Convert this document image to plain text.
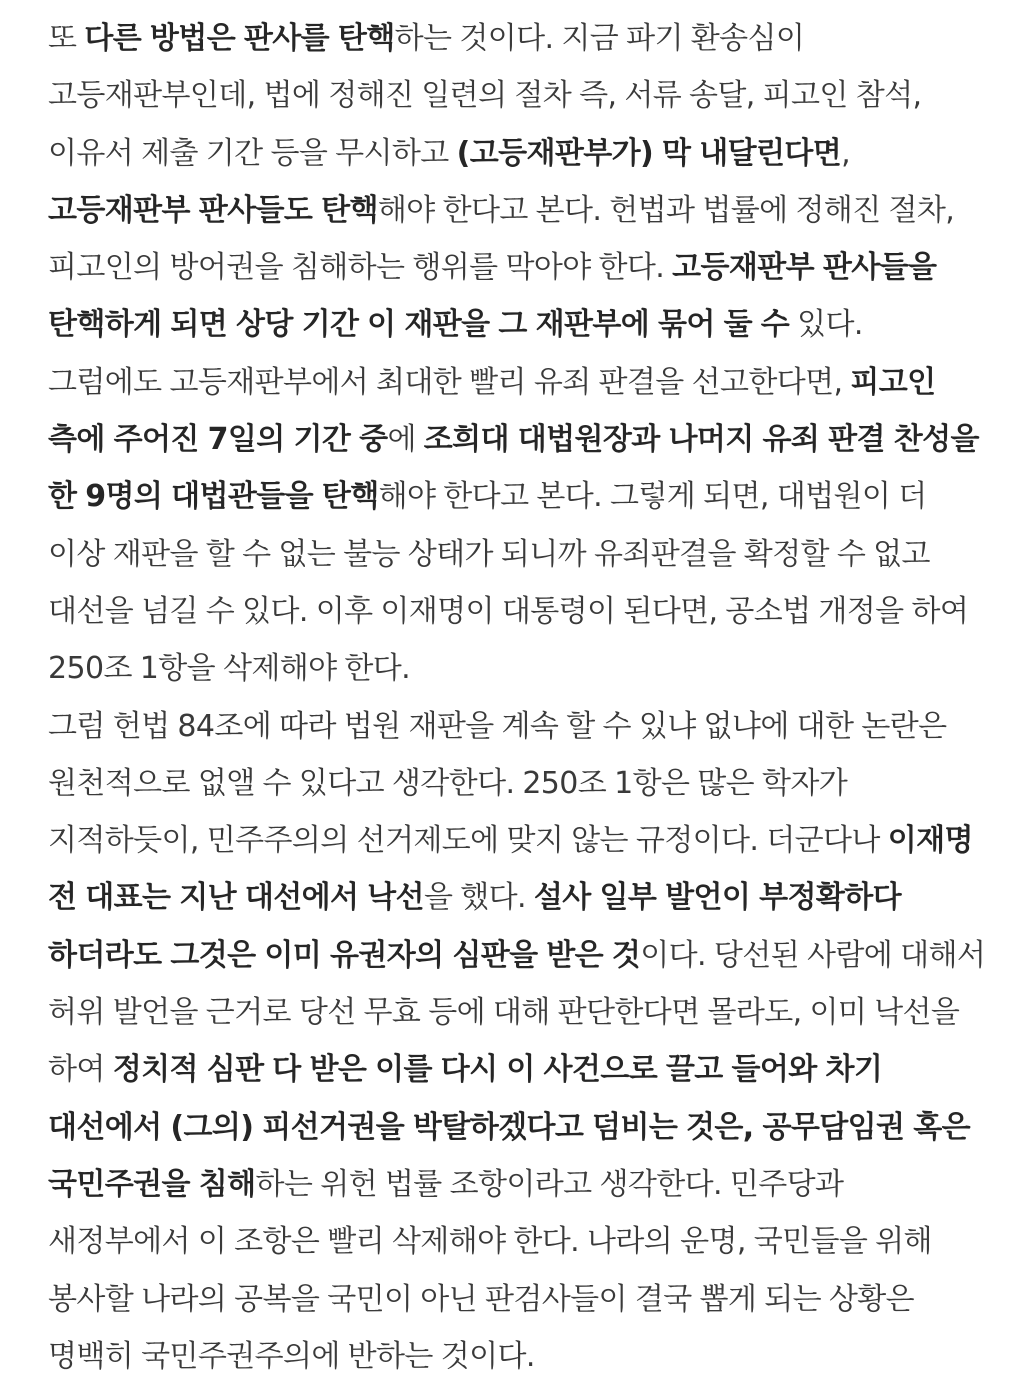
또 다른 방법은 판사를 탄핵하는 것이다. 지금 파기 환송심이 고등재판부인데, 법에 정해진 일련의 절차 즉, 서류 송달, 피고인 참석, 이유서 제출 기간 등을 무시하고 (고등재판부가) 막 내달린다면, 고등재판부 판사들도 탄핵해야 한다고 본다. 헌법과 법률에 정해진 절차, 피고인의 방어권을 침해하는 행위를 막아야 한다. 고등재판부 판사들을 탄핵하게 되면 상당 기간 이 재판을 그 재판부에 묶어 둘 수 있다.

그럼에도 고등재판부에서 최대한 빨리 유죄 판결을 선고한다면, 피고인 측에 주어진 7일의 기간 중에 조희대 대법원장과 나머지 유죄 판결 찬성을 한 9명의 대법관들을 탄핵해야 한다고 본다. 그렇게 되면, 대법원이 더 이상 재판을 할 수 없는 불능 상태가 되니까 유죄판결을 확정할 수 없고 대선을 넘길 수 있다. 이후 이재명이 대통령이 된다면, 공소법 개정을 하여 250조 1항을 삭제해야 한다.

그럼 헌법 84조에 따라 법원 재판을 계속 할 수 있냐 없냐에 대한 논란은 원천적으로 없앨 수 있다고 생각한다. 250조 1항은 많은 학자가 지적하듯이, 민주주의의 선거제도에 맞지 않는 규정이다. 더군다나 이재명 전 대표는 지난 대선에서 낙선을 했다. 설사 일부 발언이 부정확하다 하더라도 그것은 이미 유권자의 심판을 받은 것이다. 당선된 사람에 대해서 허위 발언을 근거로 당선 무효 등에 대해 판단한다면 몰라도, 이미 낙선을 하여 정치적 심판 다 받은 이를 다시 이 사건으로 끌고 들어와 차기 대선에서 (그의) 피선거권을 박탈하겠다고 덤비는 것은, 공무담임권 혹은 국민주권을 침해하는 위헌 법률 조항이라고 생각한다. 민주당과 새정부에서 이 조항은 빨리 삭제해야 한다. 나라의 운명, 국민들을 위해 봉사할 나라의 공복을 국민이 아닌 판검사들이 결국 뽑게 되는 상황은 명백히 국민주권주의에 반하는 것이다.
